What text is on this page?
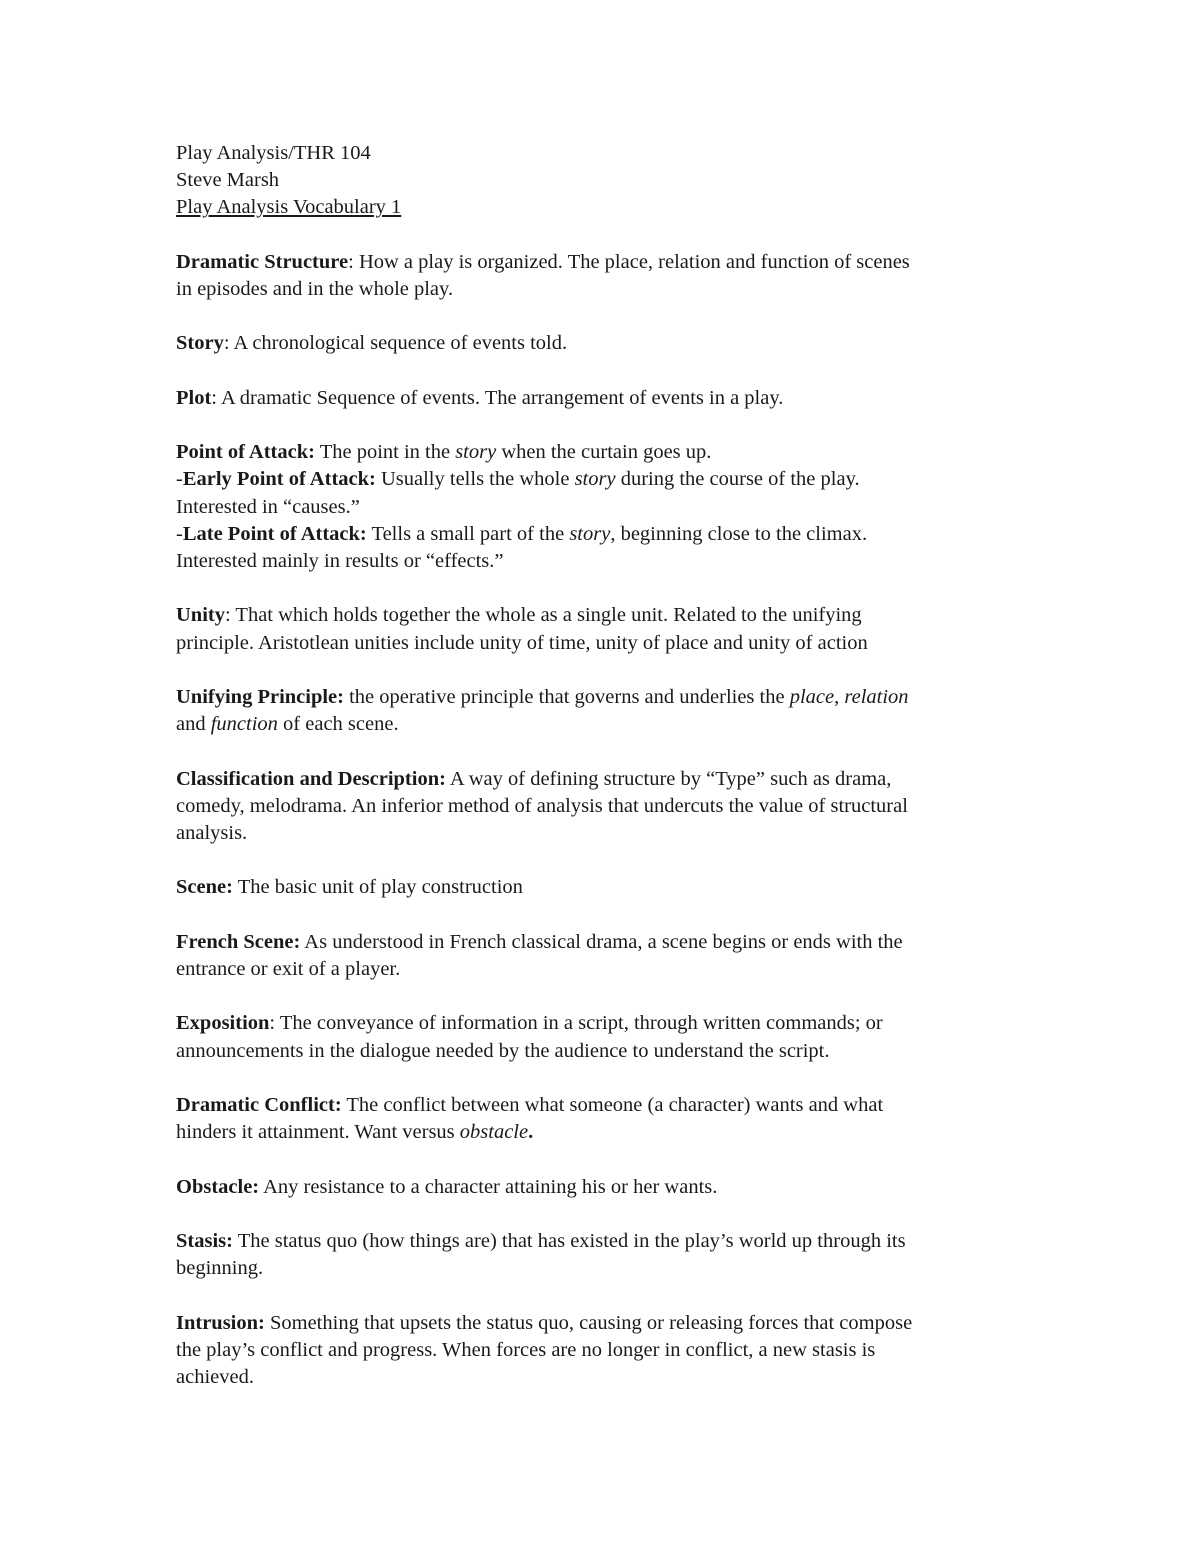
Play Analysis/THR 104

Steve Marsh

Play Analysis Vocabulary 1

Dramatic Structure: How a play is organized. The place, relation and function of scenes

in episodes and in the whole play.

Story: A chronological sequence of events told.

Plot: A dramatic Sequence of events. The arrangement of events in a play.

Point of Attack: The point in the story when the curtain goes up.

-Early Point of Attack: Usually tells the whole story during the course of the play.

Interested in “causes.”

-Late Point of Attack: Tells a small part of the story, beginning close to the climax.

Interested mainly in results or “effects.”

Unity: That which holds together the whole as a single unit. Related to the unifying

principle. Aristotlean unities include unity of time, unity of place and unity of action

Unifying Principle: the operative principle that governs and underlies the place, relation

and function of each scene.

Classification and Description: A way of defining structure by “Type” such as drama,

comedy, melodrama. An inferior method of analysis that undercuts the value of structural

analysis.

Scene: The basic unit of play construction

French Scene: As understood in French classical drama, a scene begins or ends with the

entrance or exit of a player.

Exposition: The conveyance of information in a script, through written commands; or

announcements in the dialogue needed by the audience to understand the script.

Dramatic Conflict: The conflict between what someone (a character) wants and what

hinders it attainment. Want versus obstacle.

Obstacle: Any resistance to a character attaining his or her wants.

Stasis: The status quo (how things are) that has existed in the play’s world up through its

beginning.

Intrusion: Something that upsets the status quo, causing or releasing forces that compose

the play’s conflict and progress. When forces are no longer in conflict, a new stasis is

achieved.
